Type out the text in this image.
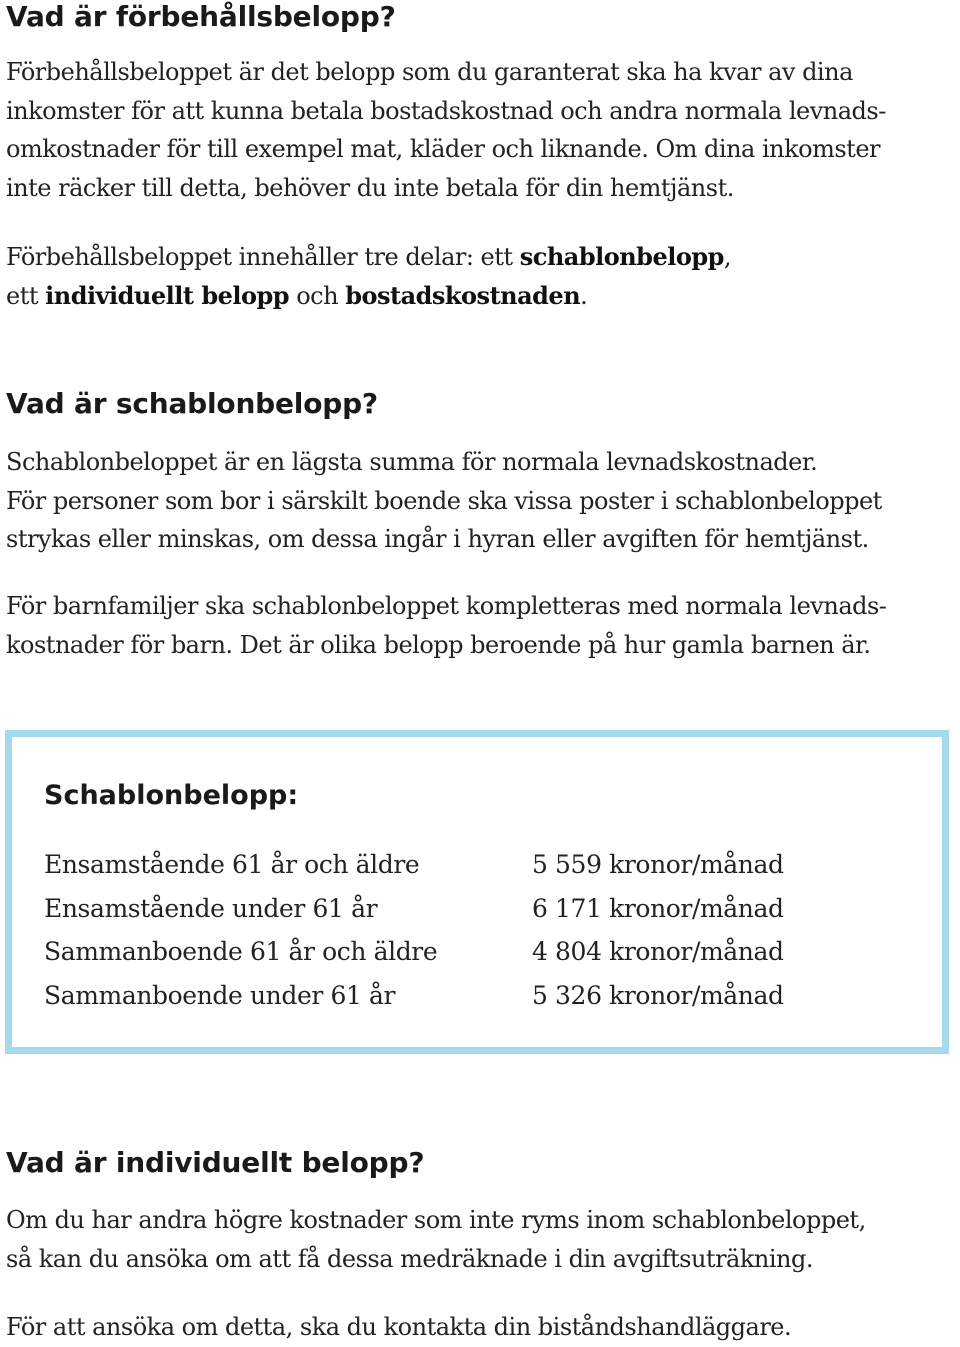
Vad är förbehållsbelopp?
Förbehållsbeloppet är det belopp som du garanterat ska ha kvar av dina
inkomster för att kunna betala bostadskostnad och andra normala levnads-
omkostnader för till exempel mat, kläder och liknande. Om dina inkomster
inte räcker till detta, behöver du inte betala för din hemtjänst.
Förbehållsbeloppet innehåller tre delar: ett schablonbelopp,
ett individuellt belopp och bostadskostnaden.
Vad är schablonbelopp?
Schablonbeloppet är en lägsta summa för normala levnadskostnader.
För personer som bor i särskilt boende ska vissa poster i schablonbeloppet
strykas eller minskas, om dessa ingår i hyran eller avgiften för hemtjänst.
För barnfamiljer ska schablonbeloppet kompletteras med normala levnads-
kostnader för barn. Det är olika belopp beroende på hur gamla barnen är.
Schablonbelopp:
Ensamstående 61 år och äldre	5 559 kronor/månad
Ensamstående under 61 år	6 171 kronor/månad
Sammanboende 61 år och äldre	4 804 kronor/månad
Sammanboende under 61 år	5 326 kronor/månad
Vad är individuellt belopp?
Om du har andra högre kostnader som inte ryms inom schablonbeloppet,
så kan du ansöka om att få dessa medräknade i din avgiftsuträkning.
För att ansöka om detta, ska du kontakta din biståndshandläggare.
